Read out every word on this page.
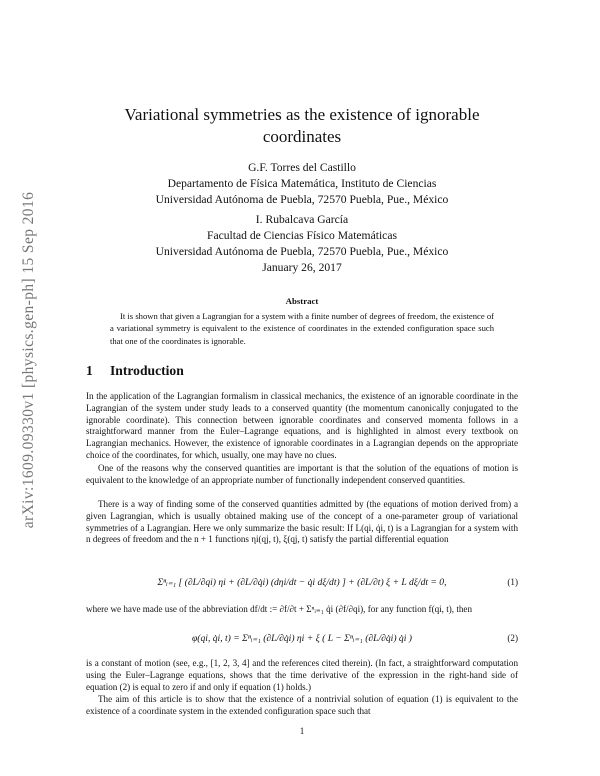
arXiv:1609.09330v1 [physics.gen-ph] 15 Sep 2016
Variational symmetries as the existence of ignorable coordinates
G.F. Torres del Castillo
Departamento de Física Matemática, Instituto de Ciencias
Universidad Autónoma de Puebla, 72570 Puebla, Pue., México
I. Rubalcava García
Facultad de Ciencias Físico Matemáticas
Universidad Autónoma de Puebla, 72570 Puebla, Pue., México
January 26, 2017
Abstract

It is shown that given a Lagrangian for a system with a finite number of degrees of freedom, the existence of a variational symmetry is equivalent to the existence of coordinates in the extended configuration space such that one of the coordinates is ignorable.

1 Introduction

In the application of the Lagrangian formalism in classical mechanics, the existence of an ignorable coordinate in the Lagrangian of the system under study leads to a conserved quantity (the momentum canonically conjugated to the ignorable coordinate). This connection between ignorable coordinates and conserved momenta follows in a straightforward manner from the Euler–Lagrange equations, and is highlighted in almost every textbook on Lagrangian mechanics. However, the existence of ignorable coordinates in a Lagrangian depends on the appropriate choice of the coordinates, for which, usually, one may have no clues.

One of the reasons why the conserved quantities are important is that the solution of the equations of motion is equivalent to the knowledge of an appropriate number of functionally independent conserved quantities.

There is a way of finding some of the conserved quantities admitted by (the equations of motion derived from) a given Lagrangian, which is usually obtained making use of the concept of a one-parameter group of variational symmetries of a Lagrangian. Here we only summarize the basic result: If L(qi, q̇i, t) is a Lagrangian for a system with n degrees of freedom and the n + 1 functions ηi(qj, t), ξ(qj, t) satisfy the partial differential equation

Σⁿᵢ₌₁ [ (∂L/∂qi) ηi + (∂L/∂q̇i) (dηi/dt − q̇i dξ/dt) ] + (∂L/∂t) ξ + L dξ/dt = 0,	(1)

where we have made use of the abbreviation df/dt := ∂f/∂t + Σⁿᵢ₌₁ q̇i (∂f/∂qi), for any function f(qi, t), then

φ(qi, q̇i, t) = Σⁿᵢ₌₁ (∂L/∂q̇i) ηi + ξ ( L − Σⁿᵢ₌₁ (∂L/∂q̇i) q̇i )	(2)

is a constant of motion (see, e.g., [1, 2, 3, 4] and the references cited therein). (In fact, a straightforward computation using the Euler–Lagrange equations, shows that the time derivative of the expression in the right-hand side of equation (2) is equal to zero if and only if equation (1) holds.)

The aim of this article is to show that the existence of a nontrivial solution of equation (1) is equivalent to the existence of a coordinate system in the extended configuration space such that

1
